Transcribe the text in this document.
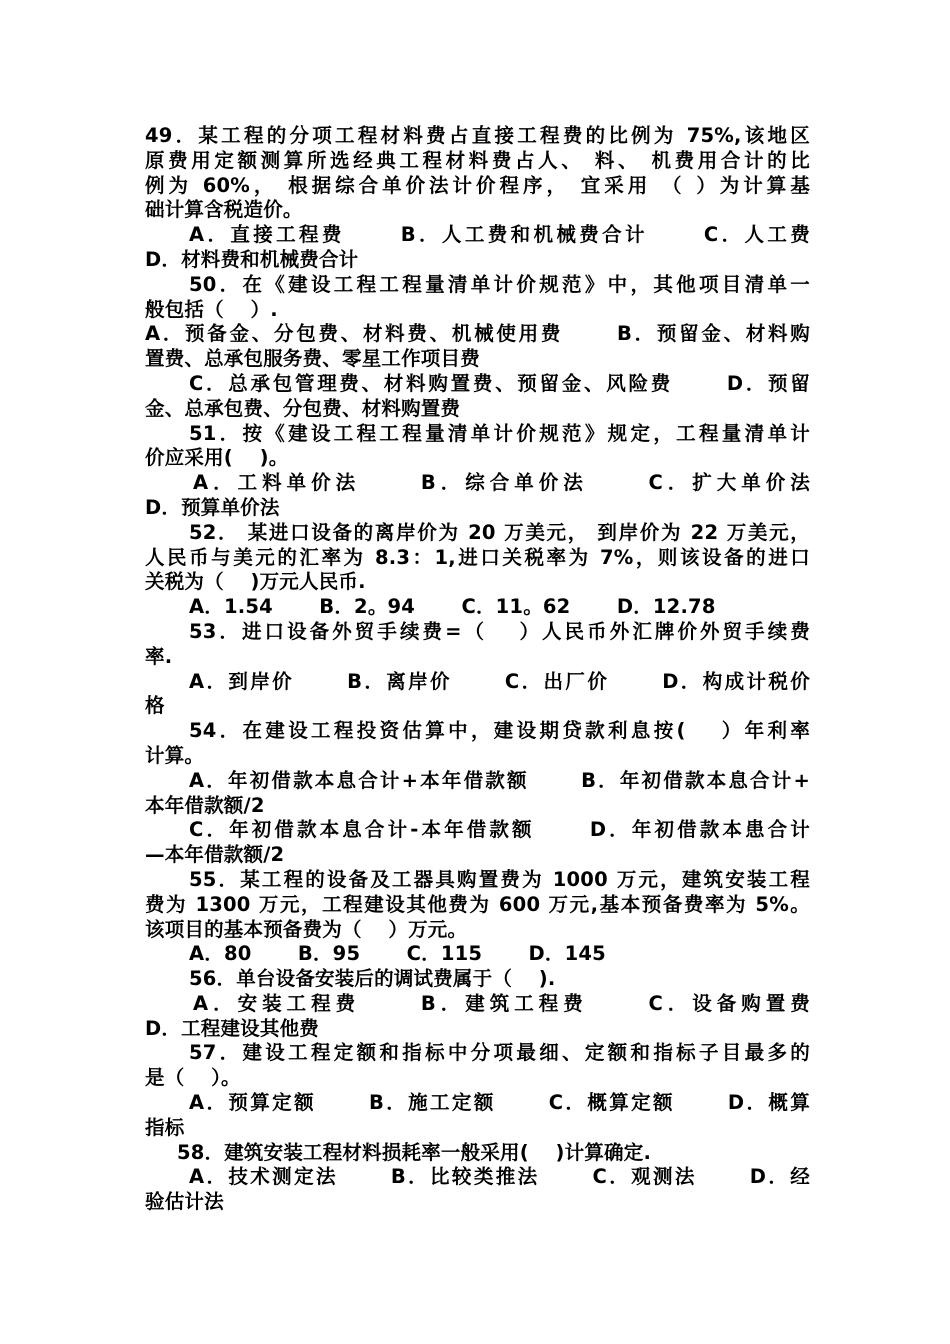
49．某工程的分项工程材料费占直接工程费的比例为 75%,该地区
原费用定额测算所选经典工程材料费占人、 料、 机费用合计的比
例为 60%， 根据综合单价法计价程序， 宜采用 （ ）为计算基
础计算含税造价。
A．直接工程费　　 B．人工费和机械费合计　　 C．人工费
D．材料费和机械费合计
50．在《建设工程工程量清单计价规范》中，其他项目清单一
般包括（　 ）.
A．预备金、分包费、材料费、机械使用费　　 B．预留金、材料购
置费、总承包服务费、零星工作项目费
C．总承包管理费、材料购置费、预留金、风险费　　 D．预留
金、总承包费、分包费、材料购置费
51．按《建设工程工程量清单计价规范》规定，工程量清单计
价应采用(　 )。
A．工料单价法　　 B．综合单价法　　 C．扩大单价法
D．预算单价法
52． 某进口设备的离岸价为 20 万美元， 到岸价为 22 万美元，
人民币与美元的汇率为 8.3：1,进口关税率为 7%，则该设备的进口
关税为（　 )万元人民币.
A．1.54　　 B．2。94　　 C．11。62　　 D．12.78
53．进口设备外贸手续费=（　 ）人民币外汇牌价外贸手续费
率.
A．到岸价　　 B．离岸价　　 C．出厂价　　 D．构成计税价
格
54．在建设工程投资估算中，建设期贷款利息按(　 ）年利率
计算。
A．年初借款本息合计+本年借款额　　 B．年初借款本息合计+
本年借款额/2
C．年初借款本息合计-本年借款额　　 D．年初借款本患合计
—本年借款额/2
55．某工程的设备及工器具购置费为 1000 万元，建筑安装工程
费为 1300 万元，工程建设其他费为 600 万元,基本预备费率为 5%。
该项目的基本预备费为（　 ）万元。
A．80　　 B．95　　 C．115　　 D．145
56．单台设备安装后的调试费属于（　 ).
A．安装工程费　　 B．建筑工程费　　 C．设备购置费
D．工程建设其他费
57．建设工程定额和指标中分项最细、定额和指标子目最多的
是（　 ）。
A．预算定额　　 B．施工定额　　 C．概算定额　　 D．概算
指标
58．建筑安装工程材料损耗率一般采用(　 )计算确定.
A．技术测定法　　 B．比较类推法　　 C．观测法　　 D．经
验估计法
